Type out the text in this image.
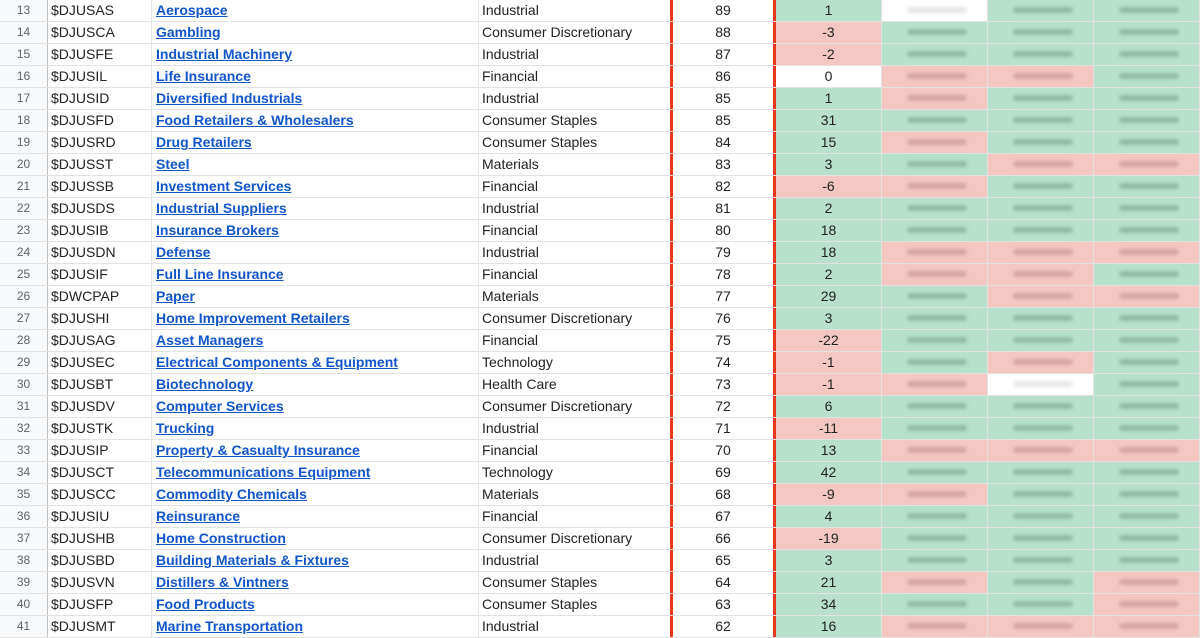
13	$DJUSAS	Aerospace	Industrial	89	1
14	$DJUSCA	Gambling	Consumer Discretionary	88	-3
15	$DJUSFE	Industrial Machinery	Industrial	87	-2
16	$DJUSIL	Life Insurance	Financial	86	0
17	$DJUSID	Diversified Industrials	Industrial	85	1
18	$DJUSFD	Food Retailers & Wholesalers	Consumer Staples	85	31
19	$DJUSRD	Drug Retailers	Consumer Staples	84	15
20	$DJUSST	Steel	Materials	83	3
21	$DJUSSB	Investment Services	Financial	82	-6
22	$DJUSDS	Industrial Suppliers	Industrial	81	2
23	$DJUSIB	Insurance Brokers	Financial	80	18
24	$DJUSDN	Defense	Industrial	79	18
25	$DJUSIF	Full Line Insurance	Financial	78	2
26	$DWCPAP	Paper	Materials	77	29
27	$DJUSHI	Home Improvement Retailers	Consumer Discretionary	76	3
28	$DJUSAG	Asset Managers	Financial	75	-22
29	$DJUSEC	Electrical Components & Equipment	Technology	74	-1
30	$DJUSBT	Biotechnology	Health Care	73	-1
31	$DJUSDV	Computer Services	Consumer Discretionary	72	6
32	$DJUSTK	Trucking	Industrial	71	-11
33	$DJUSIP	Property & Casualty Insurance	Financial	70	13
34	$DJUSCT	Telecommunications Equipment	Technology	69	42
35	$DJUSCC	Commodity Chemicals	Materials	68	-9
36	$DJUSIU	Reinsurance	Financial	67	4
37	$DJUSHB	Home Construction	Consumer Discretionary	66	-19
38	$DJUSBD	Building Materials & Fixtures	Industrial	65	3
39	$DJUSVN	Distillers & Vintners	Consumer Staples	64	21
40	$DJUSFP	Food Products	Consumer Staples	63	34
41	$DJUSMT	Marine Transportation	Industrial	62	16
